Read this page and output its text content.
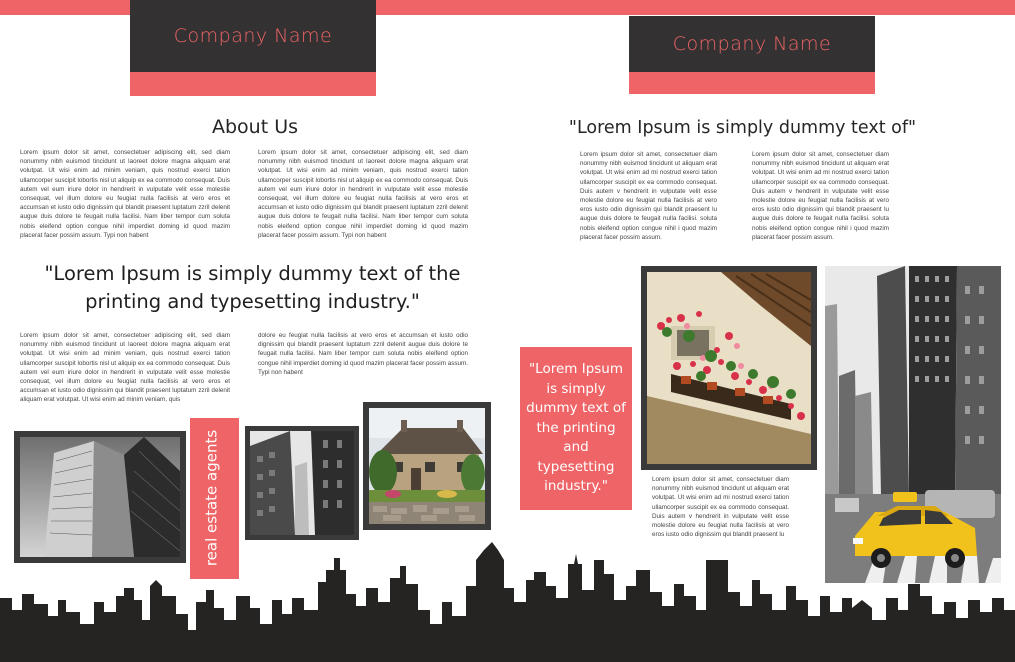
Company Name
About Us
Lorem ipsum dolor sit amet, consectetuer adipiscing elit, sed diam nonummy nibh euismod tincidunt ut laoreet dolore magna aliquam erat volutpat. Ut wisi enim ad minim veniam, quis nostrud exerci tation ullamcorper suscipit lobortis nisl ut aliquip ex ea commodo consequat. Duis autem vel eum iriure dolor in hendrerit in vulputate velit esse molestie consequat, vel illum dolore eu feugiat nulla facilisis at vero eros et accumsan et iusto odio dignissim qui blandit praesent luptatum zzril delenit augue duis dolore te feugait nulla facilisi. Nam liber tempor cum soluta nobis eleifend option congue nihil imperdiet doming id quod mazim placerat facer possim assum. Typi non habent
Lorem ipsum dolor sit amet, consectetuer adipiscing elit, sed diam nonummy nibh euismod tincidunt ut laoreet dolore magna aliquam erat volutpat. Ut wisi enim ad minim veniam, quis nostrud exerci tation ullamcorper suscipit lobortis nisl ut aliquip ex ea commodo consequat. Duis autem vel eum iriure dolor in hendrerit in vulputate velit esse molestie consequat, vel illum dolore eu feugiat nulla facilisis at vero eros et accumsan et iusto odio dignissim qui blandit praesent luptatum zzril delenit augue duis dolore te feugait nulla facilisi. Nam liber tempor cum soluta nobis eleifend option congue nihil imperdiet doming id quod mazim placerat facer possim assum. Typi non habent
"Lorem Ipsum is simply dummy text of the printing and typesetting industry."
Lorem ipsum dolor sit amet, consectetuer adipiscing elit, sed diam nonummy nibh euismod tincidunt ut laoreet dolore magna aliquam erat volutpat. Ut wisi enim ad minim veniam, quis nostrud exerci tation ullamcorper suscipit lobortis nisl ut aliquip ex ea commodo consequat. Duis autem vel eum iriure dolor in hendrerit in vulputate velit esse molestie consequat, vel illum dolore eu feugiat nulla facilisis at vero eros et accumsan et iusto odio dignissim qui blandit praesent luptatum zzril delenit aliquam erat volutpat. Ut wisi enim ad minim veniam, quis
dolore eu feugiat nulla facilisis at vero eros et accumsan et iusto odio dignissim qui blandit praesent luptatum zzril delenit augue duis dolore te feugait nulla facilisi. Nam liber tempor cum soluta nobis eleifend option congue nihil imperdiet doming id quod mazim placerat facer possim assum. Typi non habent
real estate agents
Company Name
"Lorem Ipsum is simply dummy text of"
Lorem ipsum dolor sit amet, consectetuer diam nonummy nibh euismod tincidunt ut aliquam erat volutpat. Ut wisi enim ad mi nostrud exerci tation ullamcorper suscipit ex ea commodo consequat. Duis autem v hendrerit in vulputate velit esse molestie dolore eu feugiat nulla facilisis at vero eros iusto odio dignissim qui blandit praesent lu augue duis dolore te feugait nulla facilisi. soluta nobis eleifend option congue nihil i quod mazim placerat facer possim assum.
Lorem ipsum dolor sit amet, consectetuer diam nonummy nibh euismod tincidunt ut aliquam erat volutpat. Ut wisi enim ad mi nostrud exerci tation ullamcorper suscipit ex ea commodo consequat. Duis autem v hendrerit in vulputate velit esse molestie dolore eu feugiat nulla facilisis at vero eros iusto odio dignissim qui blandit praesent lu augue duis dolore te feugait nulla facilisi. soluta nobis eleifend option congue nihil i quod mazim placerat facer possim assum.
"Lorem Ipsum is simply dummy text of the printing and typesetting industry."	Lorem ipsum dolor sit amet, consectetuer diam nonummy nibh euismod tincidunt ut aliquam erat volutpat. Ut wisi enim ad mi nostrud exerci tation ullamcorper suscipit ex ea commodo consequat. Duis autem v hendrerit in vulputate velit esse molestie dolore eu feugiat nulla facilisis at vero eros iusto odio dignissim qui blandit praesent lu
